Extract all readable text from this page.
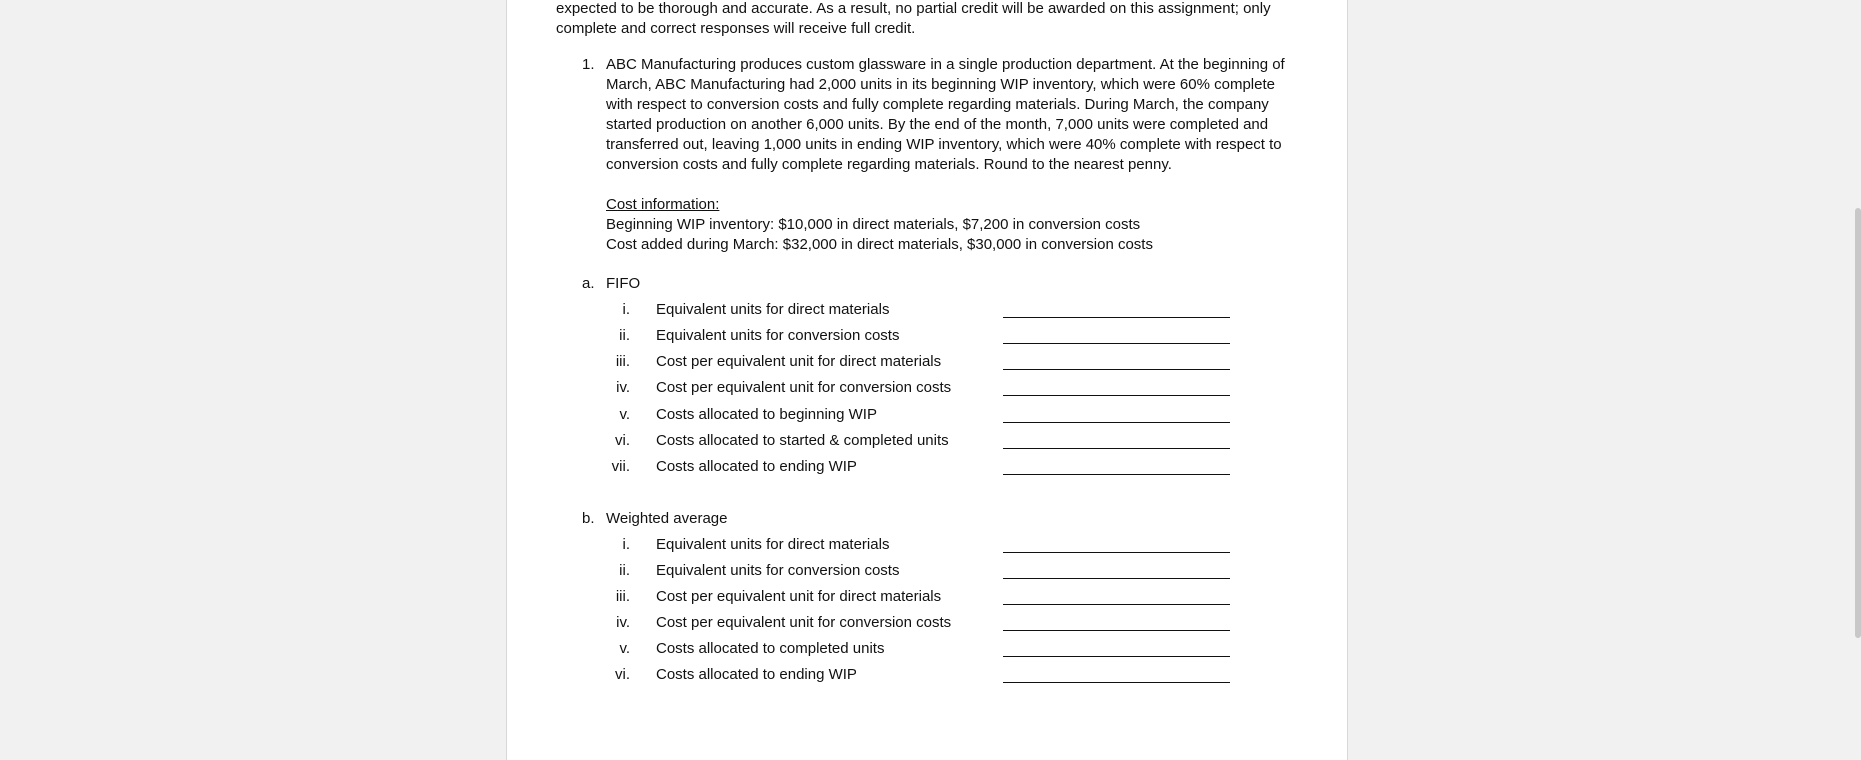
expected to be thorough and accurate. As a result, no partial credit will be awarded on this assignment; only
complete and correct responses will receive full credit.
1. ABC Manufacturing produces custom glassware in a single production department. At the beginning of
March, ABC Manufacturing had 2,000 units in its beginning WIP inventory, which were 60% complete
with respect to conversion costs and fully complete regarding materials. During March, the company
started production on another 6,000 units. By the end of the month, 7,000 units were completed and
transferred out, leaving 1,000 units in ending WIP inventory, which were 40% complete with respect to
conversion costs and fully complete regarding materials. Round to the nearest penny.
Cost information:
Beginning WIP inventory: $10,000 in direct materials, $7,200 in conversion costs
Cost added during March: $32,000 in direct materials, $30,000 in conversion costs
a. FIFO
i. Equivalent units for direct materials
ii. Equivalent units for conversion costs
iii. Cost per equivalent unit for direct materials
iv. Cost per equivalent unit for conversion costs
v. Costs allocated to beginning WIP
vi. Costs allocated to started & completed units
vii. Costs allocated to ending WIP
b. Weighted average
i. Equivalent units for direct materials
ii. Equivalent units for conversion costs
iii. Cost per equivalent unit for direct materials
iv. Cost per equivalent unit for conversion costs
v. Costs allocated to completed units
vi. Costs allocated to ending WIP
